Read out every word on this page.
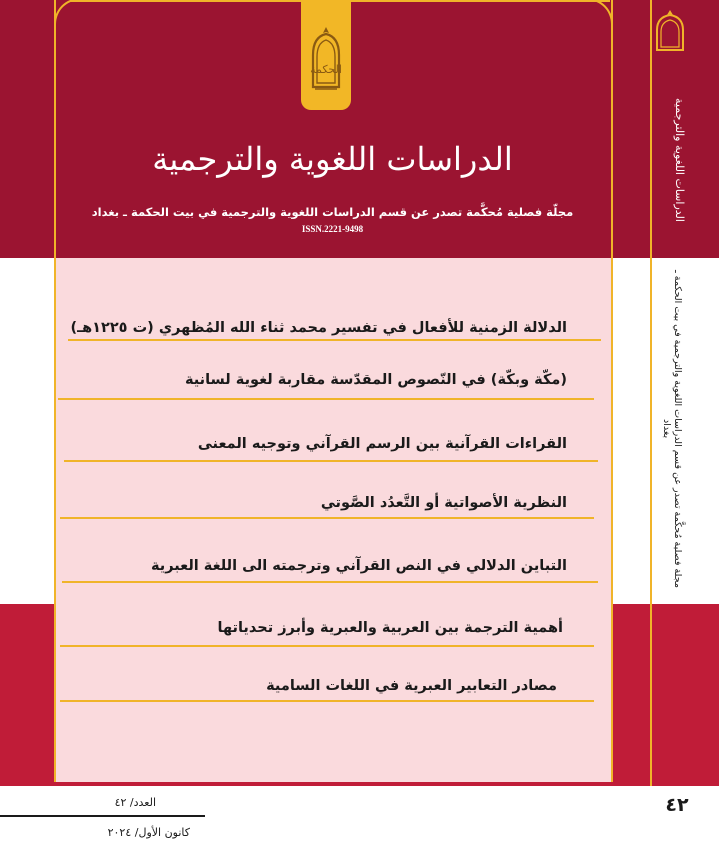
الحكمة
الدراسات اللغوية والترجمية
مجلّة فصلية مُحكَّمة تصدر عن قسم الدراسات اللغوية والترجمية في بيت الحكمة ـ بغداد
ISSN.2221-9498
الدلالة الزمنية للأفعال في تفسير محمد ثناء الله المُظهري (ت ١٢٢٥هـ)
(مكّة وبكّة) في النّصوص المقدّسة مقاربة لغوية لسانية
القراءات القرآنية بين الرسم القرآني وتوجيه المعنى
النظرية الأصواتية أو التَّعدُد الصَّوتي
التباين الدلالي في النص القرآني وترجمته الى اللغة العبرية
أهمية الترجمة بين العربية والعبرية وأبرز تحدياتها
مصادر التعابير العبرية في اللغات السامية
الدراسات اللغوية والترجمية
مجلة فصلية مُحكَّمة تصدر عن قسم الدراسات اللغوية والترجمية في بيت الحكمة ـ بغداد
العدد/ ٤٢
كانون الأول/ ٢٠٢٤
٤٢
